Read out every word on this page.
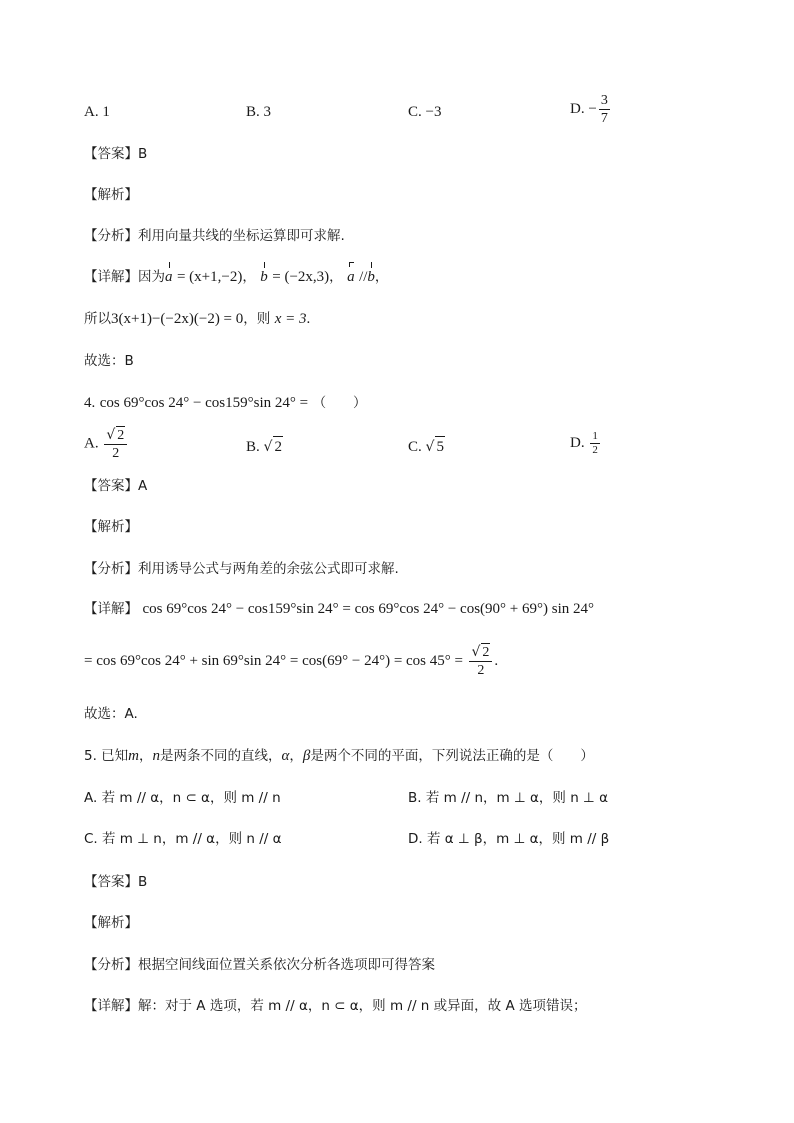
A. 1	B. 3	C. −3	D. − $\frac{3}{7}$
【答案】B
【解析】
【分析】利用向量共线的坐标运算即可求解.
【详解】因为a = (x+1,−2)， b = (−2x,3)， a //b，
所以3(x+1)−(−2x)(−2) = 0，则 x = 3.
故选：B
4. cos 69°cos 24° − cos159°sin 24° = （　　）
A. $\frac{√ 2}{2}$	B. √ 2	C. √ 5	D. $\frac{1}{2}$
【答案】A
【解析】
【分析】利用诱导公式与两角差的余弦公式即可求解.
【详解】 cos 69°cos 24° − cos159°sin 24° = cos 69°cos 24° − cos(90° + 69°) sin 24°
= cos 69°cos 24° + sin 69°sin $24^\circ = \cos(69^\circ - 24^\circ) = \cos 45^\circ = \frac{√ 2}{2}$ .
故选：A.
5. 已知m，n是两条不同的直线，α，β是两个不同的平面，下列说法正确的是（　　）
A. 若 m // α，n ⊂ α，则 m // n	B. 若 m // n，m ⊥ α，则 n ⊥ α
C. 若 m ⊥ n，m // α，则 n // α	D. 若 α ⊥ β，m ⊥ α，则 m // β
【答案】B
【解析】
【分析】根据空间线面位置关系依次分析各选项即可得答案
【详解】解：对于 A 选项，若 m // α，n ⊂ α，则 m // n 或异面，故 A 选项错误；
